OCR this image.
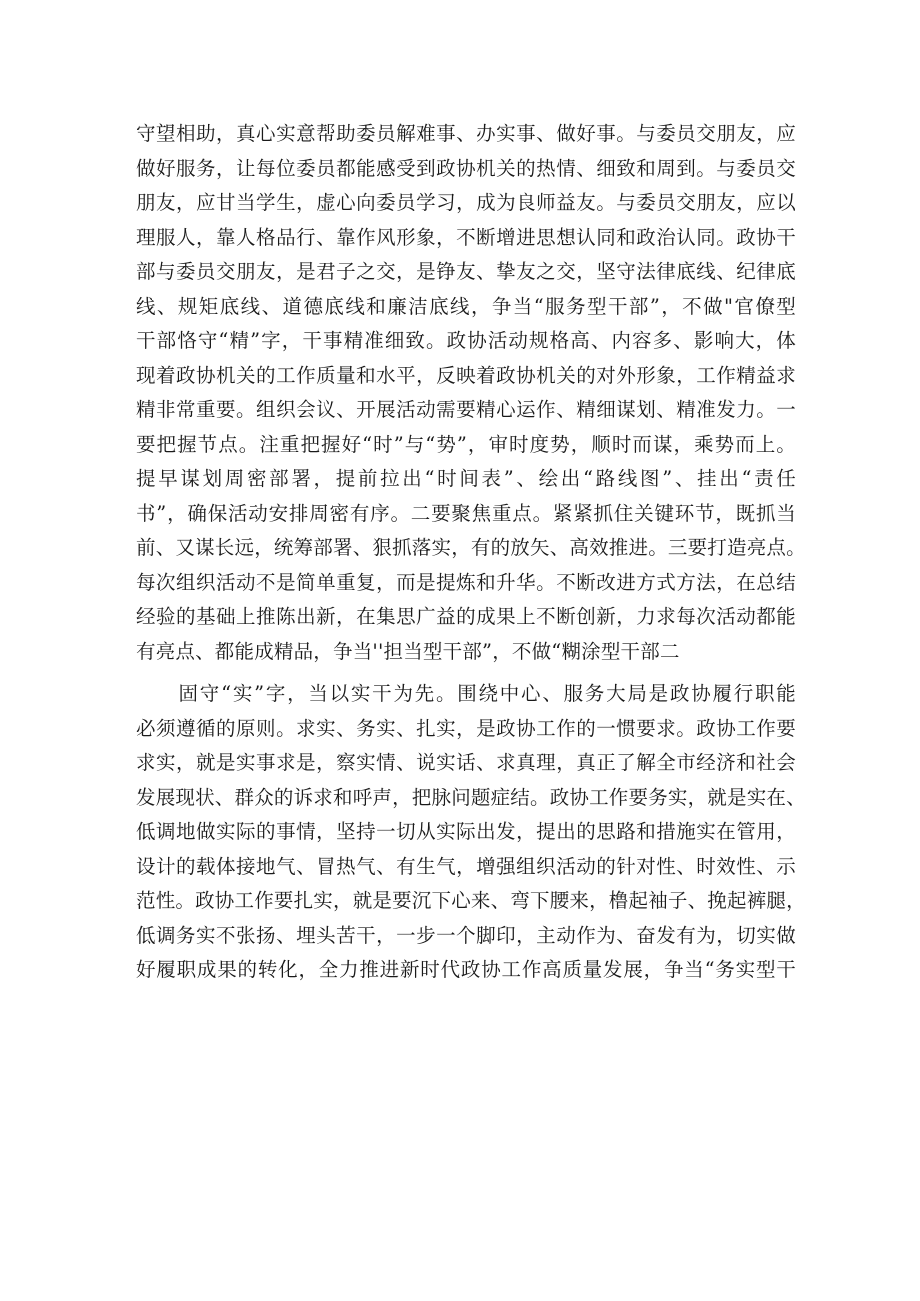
守望相助，真心实意帮助委员解难事、办实事、做好事。与委员交朋友，应
做好服务，让每位委员都能感受到政协机关的热情、细致和周到。与委员交
朋友，应甘当学生，虚心向委员学习，成为良师益友。与委员交朋友，应以
理服人，靠人格品行、靠作风形象，不断增进思想认同和政治认同。政协干
部与委员交朋友，是君子之交，是铮友、挚友之交，坚守法律底线、纪律底
线、规矩底线、道德底线和廉洁底线，争当“服务型干部”，不做"官僚型
干部恪守“精”字，干事精准细致。政协活动规格高、内容多、影响大，体
现着政协机关的工作质量和水平，反映着政协机关的对外形象，工作精益求
精非常重要。组织会议、开展活动需要精心运作、精细谋划、精准发力。一
要把握节点。注重把握好“时”与“势”，审时度势，顺时而谋，乘势而上。
提早谋划周密部署，提前拉出“时间表”、绘出“路线图”、挂出“责任
书”，确保活动安排周密有序。二要聚焦重点。紧紧抓住关键环节，既抓当
前、又谋长远，统筹部署、狠抓落实，有的放矢、高效推进。三要打造亮点。
每次组织活动不是简单重复，而是提炼和升华。不断改进方式方法，在总结
经验的基础上推陈出新，在集思广益的成果上不断创新，力求每次活动都能
有亮点、都能成精品，争当''担当型干部”，不做“糊涂型干部二
　　固守“实”字，当以实干为先。围绕中心、服务大局是政协履行职能
必须遵循的原则。求实、务实、扎实，是政协工作的一惯要求。政协工作要
求实，就是实事求是，察实情、说实话、求真理，真正了解全市经济和社会
发展现状、群众的诉求和呼声，把脉问题症结。政协工作要务实，就是实在、
低调地做实际的事情，坚持一切从实际出发，提出的思路和措施实在管用，
设计的载体接地气、冒热气、有生气，增强组织活动的针对性、时效性、示
范性。政协工作要扎实，就是要沉下心来、弯下腰来，橹起袖子、挽起裤腿，
低调务实不张扬、埋头苦干，一步一个脚印，主动作为、奋发有为，切实做
好履职成果的转化，全力推进新时代政协工作高质量发展，争当“务实型干
